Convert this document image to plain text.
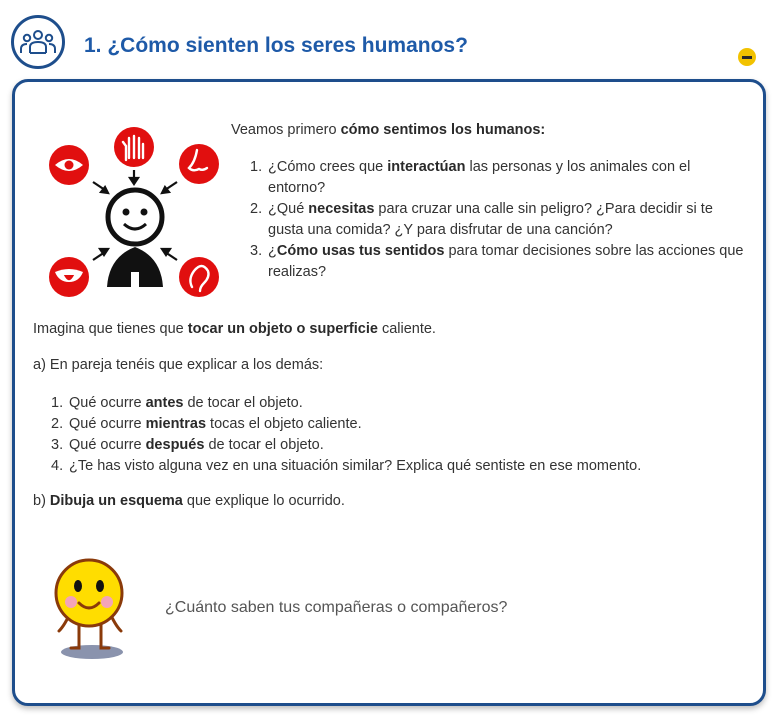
1. ¿Cómo sienten los seres humanos?
Veamos primero cómo sentimos los humanos:
1. ¿Cómo crees que interactúan las personas y los animales con el
entorno?
2. ¿Qué necesitas para cruzar una calle sin peligro? ¿Para decidir si te
gusta una comida? ¿Y para disfrutar de una canción?
3. ¿Cómo usas tus sentidos para tomar decisiones sobre las acciones que
realizas?
Imagina que tienes que tocar un objeto o superficie caliente.
a) En pareja tenéis que explicar a los demás:
1. Qué ocurre antes de tocar el objeto.
2. Qué ocurre mientras tocas el objeto caliente.
3. Qué ocurre después de tocar el objeto.
4. ¿Te has visto alguna vez en una situación similar? Explica qué sentiste en ese momento.
b) Dibuja un esquema que explique lo ocurrido.
¿Cuánto saben tus compañeras o compañeros?
